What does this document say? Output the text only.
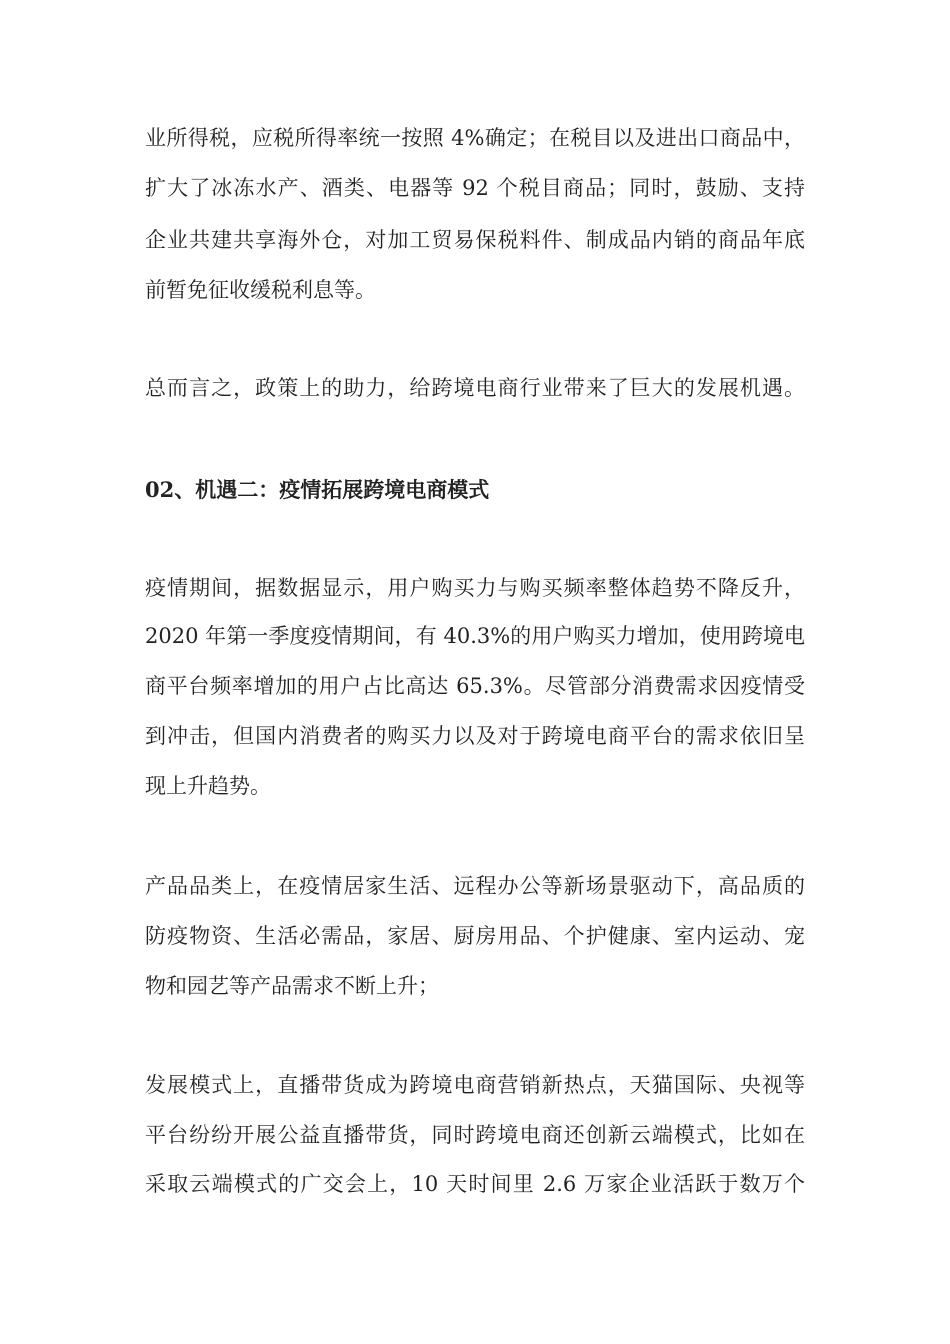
业所得税，应税所得率统一按照 4%确定；在税目以及进出口商品中，
扩大了冰冻水产、酒类、电器等 92 个税目商品；同时，鼓励、支持
企业共建共享海外仓，对加工贸易保税料件、制成品内销的商品年底
前暂免征收缓税利息等。
总而言之，政策上的助力，给跨境电商行业带来了巨大的发展机遇。
02、机遇二：疫情拓展跨境电商模式
疫情期间，据数据显示，用户购买力与购买频率整体趋势不降反升，
2020 年第一季度疫情期间，有 40.3%的用户购买力增加，使用跨境电
商平台频率增加的用户占比高达 65.3%。尽管部分消费需求因疫情受
到冲击，但国内消费者的购买力以及对于跨境电商平台的需求依旧呈
现上升趋势。
产品品类上，在疫情居家生活、远程办公等新场景驱动下，高品质的
防疫物资、生活必需品，家居、厨房用品、个护健康、室内运动、宠
物和园艺等产品需求不断上升；
发展模式上，直播带货成为跨境电商营销新热点，天猫国际、央视等
平台纷纷开展公益直播带货，同时跨境电商还创新云端模式，比如在
采取云端模式的广交会上，10 天时间里 2.6 万家企业活跃于数万个
